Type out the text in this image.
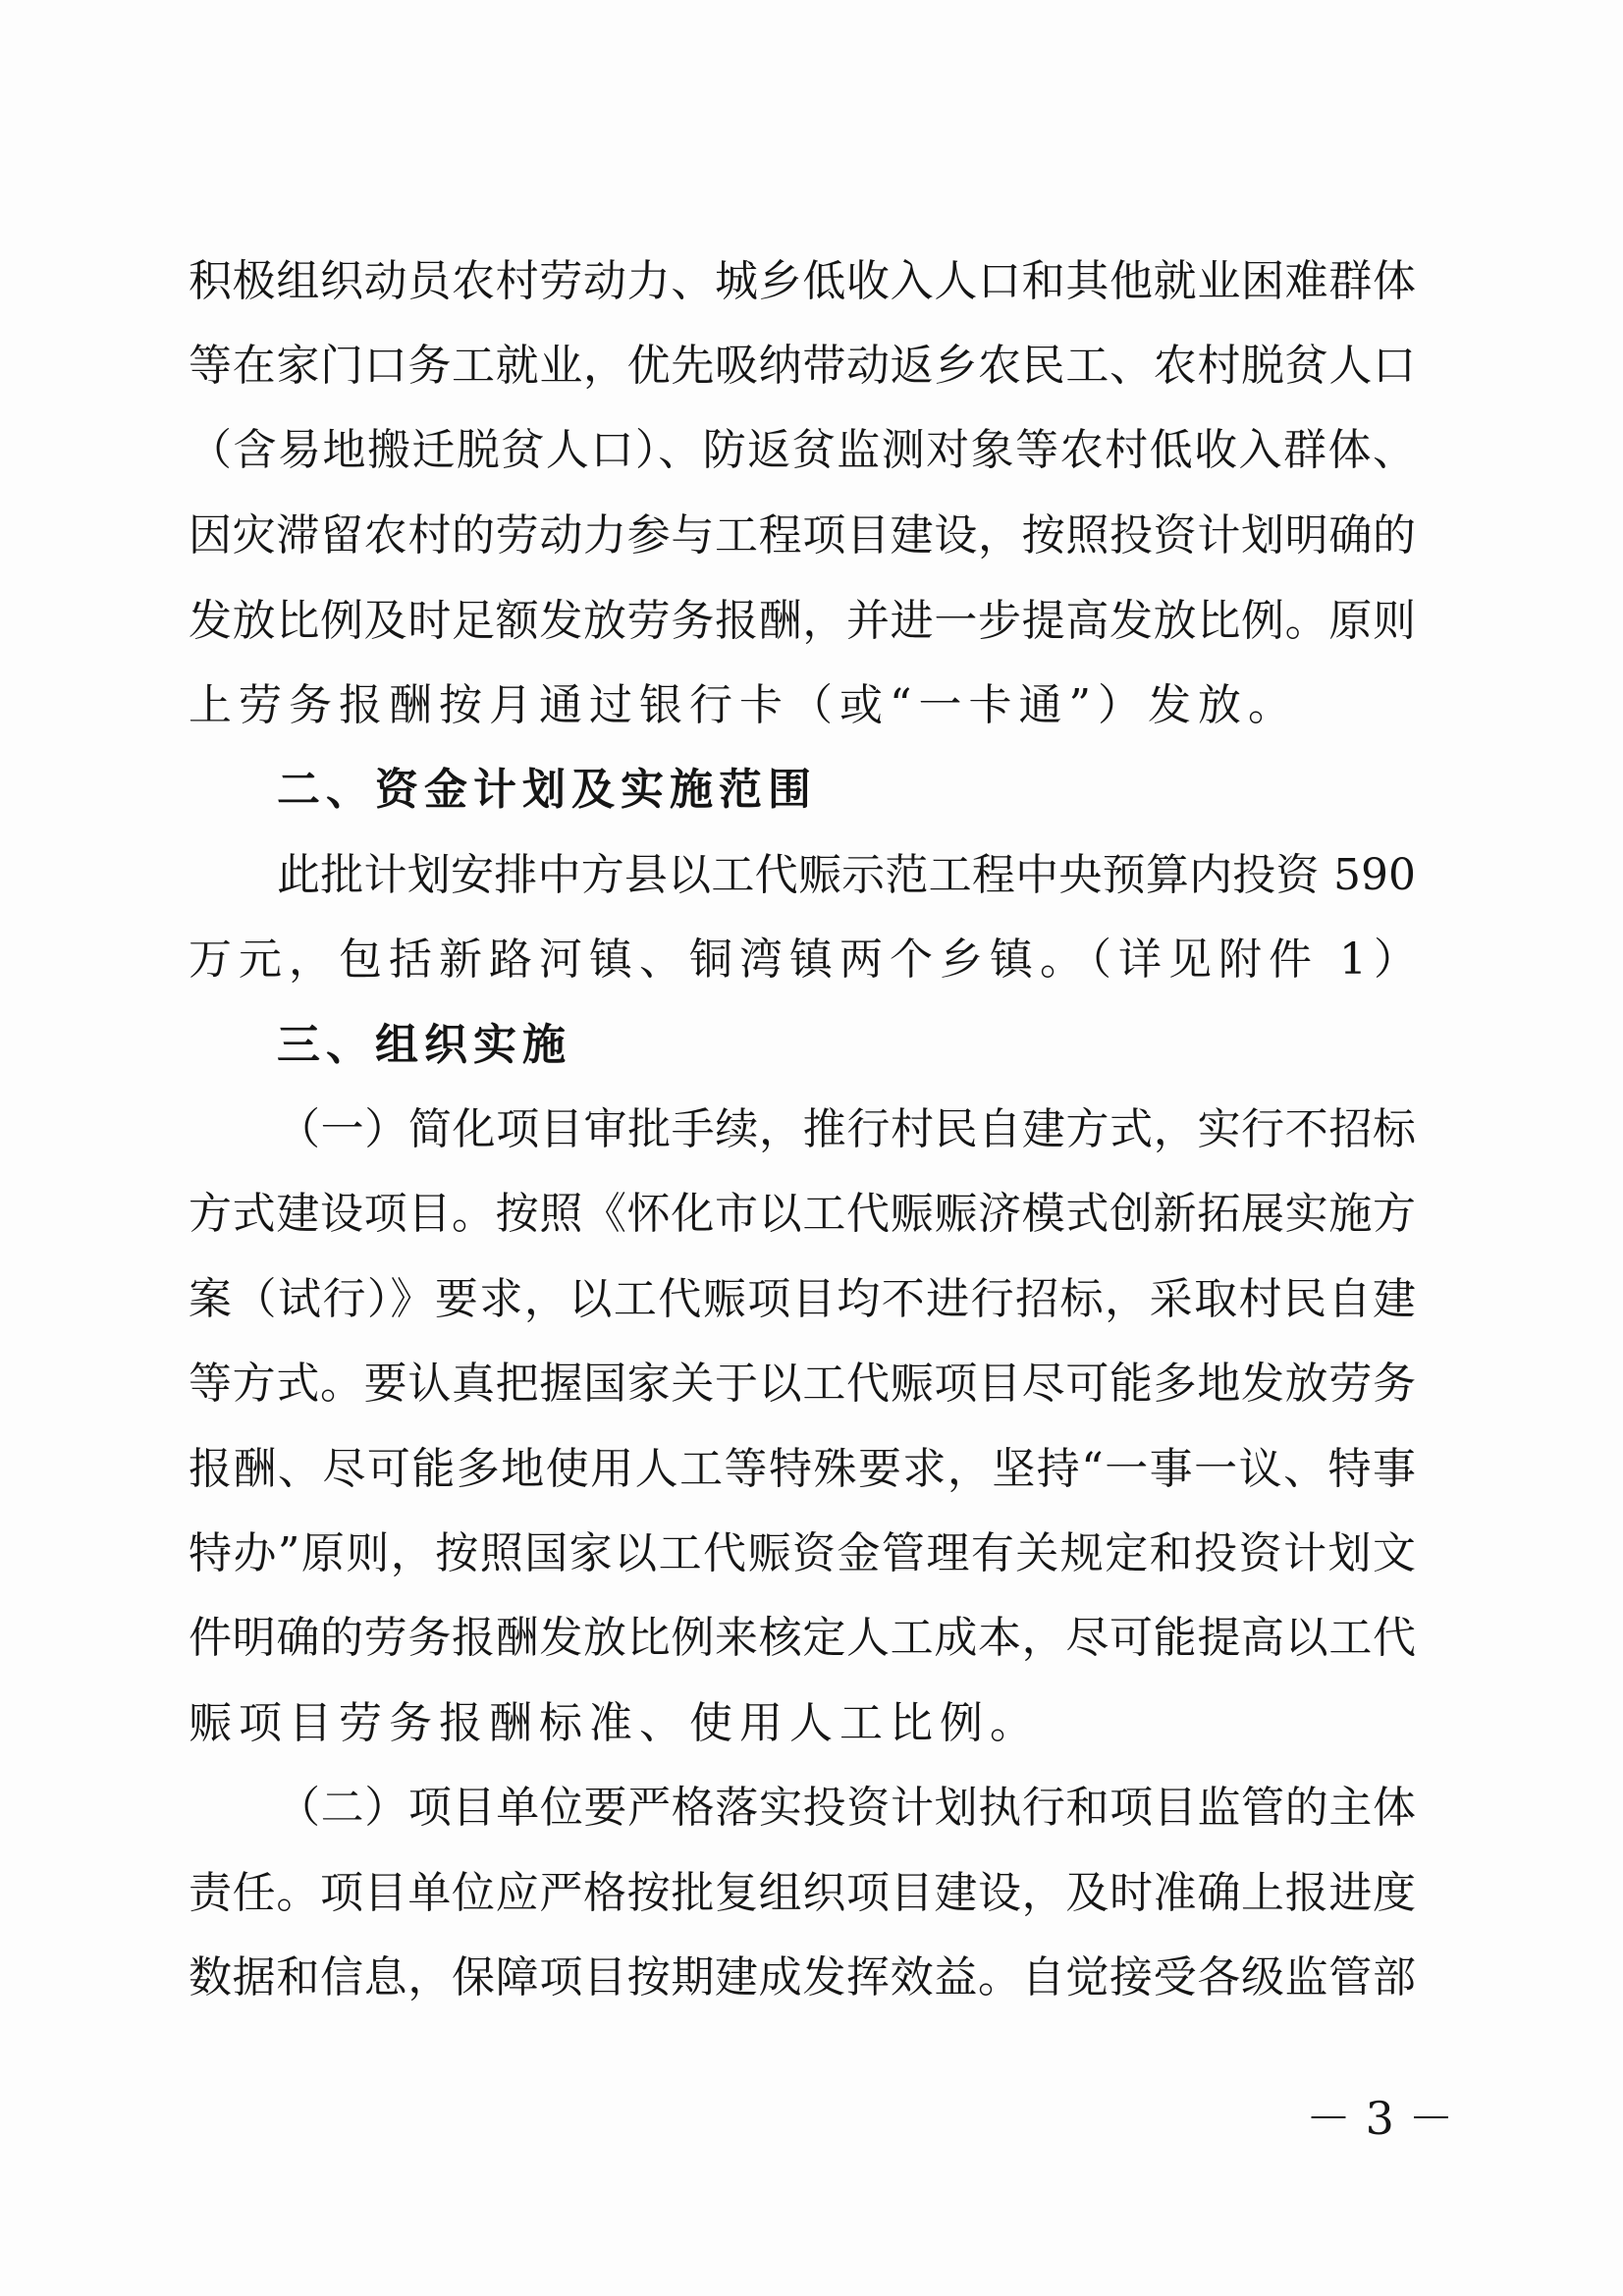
积极组织动员农村劳动力、城乡低收入人口和其他就业困难群体
等在家门口务工就业，优先吸纳带动返乡农民工、农村脱贫人口
（含易地搬迁脱贫人口）、防返贫监测对象等农村低收入群体、
因灾滞留农村的劳动力参与工程项目建设，按照投资计划明确的
发放比例及时足额发放劳务报酬，并进一步提高发放比例。原则
上劳务报酬按月通过银行卡（或“一卡通”）发放。
二、资金计划及实施范围
此批计划安排中方县以工代赈示范工程中央预算内投资 590
万元，包括新路河镇、铜湾镇两个乡镇。（详见附件 1）
三、组织实施
（一）简化项目审批手续，推行村民自建方式，实行不招标
方式建设项目。按照《怀化市以工代赈赈济模式创新拓展实施方
案（试行）》要求，以工代赈项目均不进行招标，采取村民自建
等方式。要认真把握国家关于以工代赈项目尽可能多地发放劳务
报酬、尽可能多地使用人工等特殊要求，坚持“一事一议、特事
特办”原则，按照国家以工代赈资金管理有关规定和投资计划文
件明确的劳务报酬发放比例来核定人工成本，尽可能提高以工代
赈项目劳务报酬标准、使用人工比例。
（二）项目单位要严格落实投资计划执行和项目监管的主体
责任。项目单位应严格按批复组织项目建设，及时准确上报进度
数据和信息，保障项目按期建成发挥效益。自觉接受各级监管部
－ 3 －
